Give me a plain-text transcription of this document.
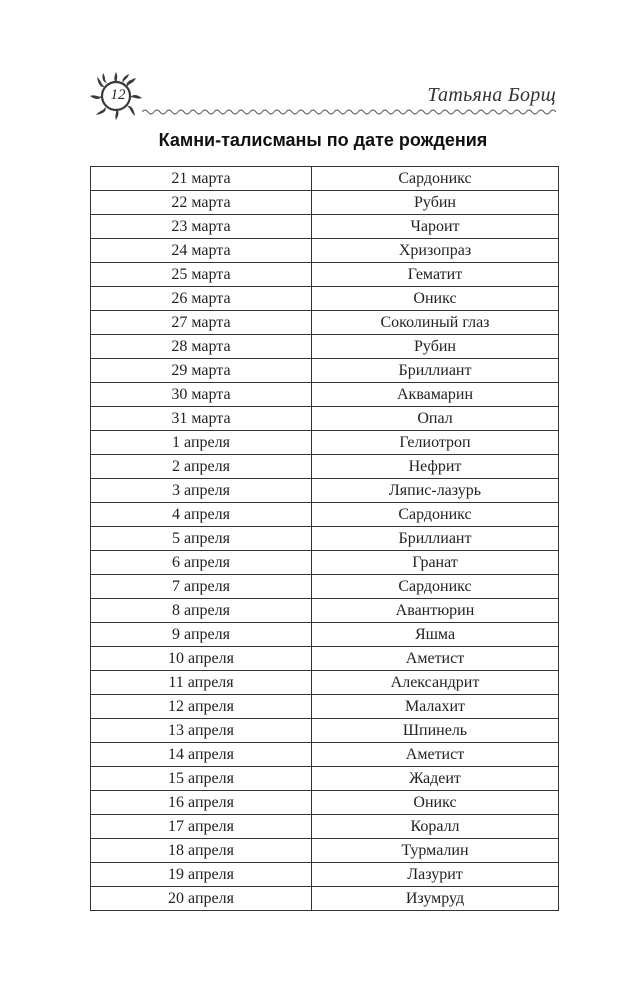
12	Татьяна Борщ
Камни-талисманы по дате рождения
21 марта	Сардоникс
22 марта	Рубин
23 марта	Чароит
24 марта	Хризопраз
25 марта	Гематит
26 марта	Оникс
27 марта	Соколиный глаз
28 марта	Рубин
29 марта	Бриллиант
30 марта	Аквамарин
31 марта	Опал
1 апреля	Гелиотроп
2 апреля	Нефрит
3 апреля	Ляпис-лазурь
4 апреля	Сардоникс
5 апреля	Бриллиант
6 апреля	Гранат
7 апреля	Сардоникс
8 апреля	Авантюрин
9 апреля	Яшма
10 апреля	Аметист
11 апреля	Александрит
12 апреля	Малахит
13 апреля	Шпинель
14 апреля	Аметист
15 апреля	Жадеит
16 апреля	Оникс
17 апреля	Коралл
18 апреля	Турмалин
19 апреля	Лазурит
20 апреля	Изумруд
